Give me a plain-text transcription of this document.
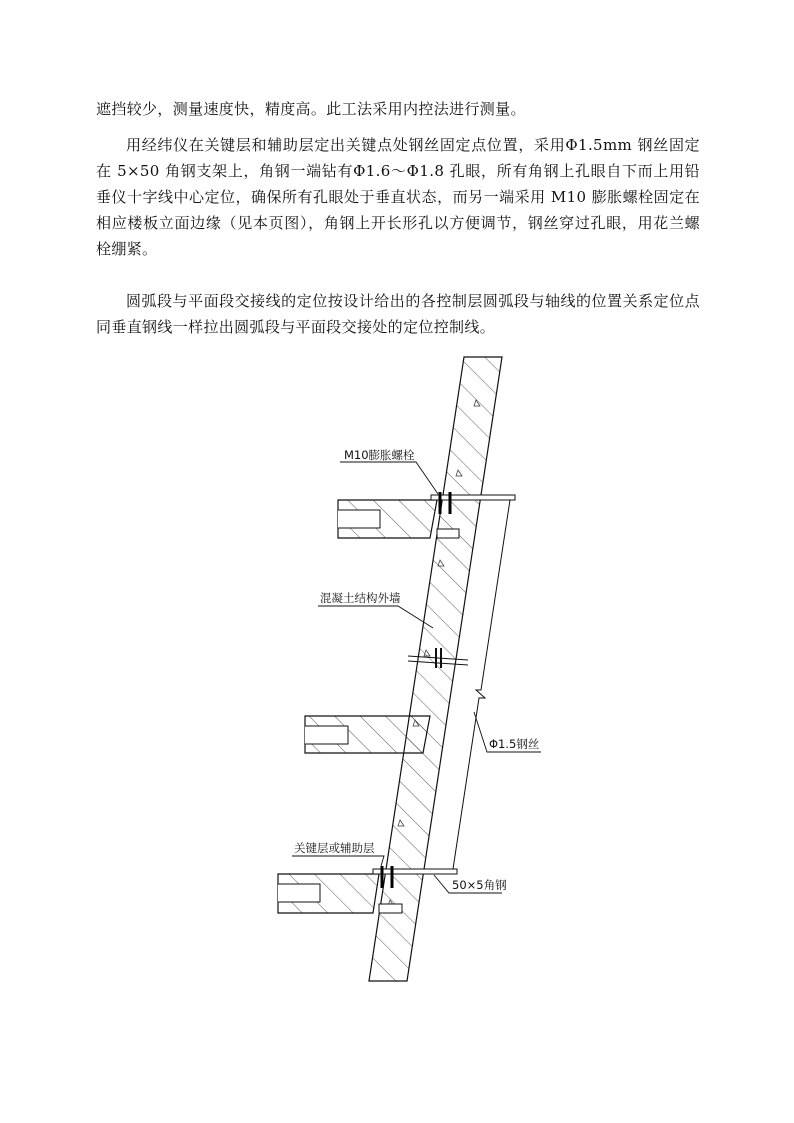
遮挡较少，测量速度快，精度高。此工法采用内控法进行测量。

用经纬仪在关键层和辅助层定出关键点处钢丝固定点位置，采用Φ1.5mm 钢丝固定在 5×50 角钢支架上，角钢一端钻有Φ1.6～Φ1.8 孔眼，所有角钢上孔眼自下而上用铅垂仪十字线中心定位，确保所有孔眼处于垂直状态，而另一端采用 M10 膨胀螺栓固定在相应楼板立面边缘（见本页图），角钢上开长形孔以方便调节，钢丝穿过孔眼，用花兰螺栓绷紧。

圆弧段与平面段交接线的定位按设计给出的各控制层圆弧段与轴线的位置关系定位点同垂直钢线一样拉出圆弧段与平面段交接处的定位控制线。

M10膨胀螺栓
混凝土结构外墙
Φ1.5钢丝
关键层或辅助层
50×5角钢
